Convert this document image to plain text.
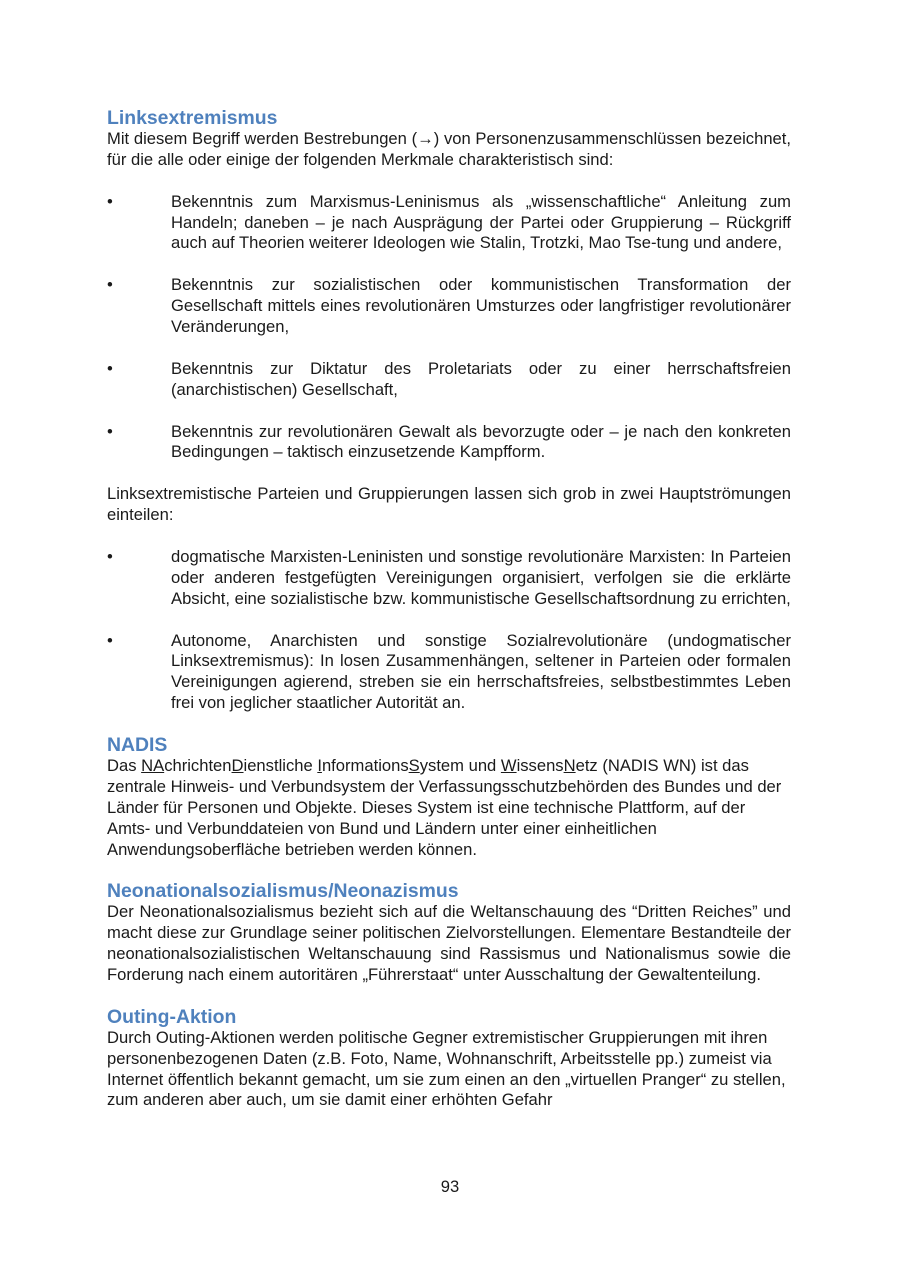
Linksextremismus

Mit diesem Begriff werden Bestrebungen (→) von Personenzusammenschlüssen bezeichnet, für die alle oder einige der folgenden Merkmale charakteristisch sind:

•	Bekenntnis zum Marxismus-Leninismus als „wissenschaftliche“ Anleitung zum Handeln; daneben – je nach Ausprägung der Partei oder Gruppierung – Rückgriff auch auf Theorien weiterer Ideologen wie Stalin, Trotzki, Mao Tse-tung und andere,
•	Bekenntnis zur sozialistischen oder kommunistischen Transformation der Gesellschaft mittels eines revolutionären Umsturzes oder langfristiger revolutionärer Veränderungen,
•	Bekenntnis zur Diktatur des Proletariats oder zu einer herrschaftsfreien (anarchistischen) Gesellschaft,
•	Bekenntnis zur revolutionären Gewalt als bevorzugte oder – je nach den konkreten Bedingungen – taktisch einzusetzende Kampfform.

Linksextremistische Parteien und Gruppierungen lassen sich grob in zwei Hauptströmungen einteilen:

•	dogmatische Marxisten-Leninisten und sonstige revolutionäre Marxisten: In Parteien oder anderen festgefügten Vereinigungen organisiert, verfolgen sie die erklärte Absicht, eine sozialistische bzw. kommunistische Gesellschaftsordnung zu errichten,
•	Autonome, Anarchisten und sonstige Sozialrevolutionäre (undogmatischer Linksextremismus): In losen Zusammenhängen, seltener in Parteien oder formalen Vereinigungen agierend, streben sie ein herrschaftsfreies, selbstbestimmtes Leben frei von jeglicher staatlicher Autorität an.
NADIS

Das NAchrichtenDienstliche InformationsSystem und WissensNetz (NADIS WN) ist das zentrale Hinweis- und Verbundsystem der Verfassungsschutzbehörden des Bundes und der Länder für Personen und Objekte. Dieses System ist eine technische Plattform, auf der Amts- und Verbunddateien von Bund und Ländern unter einer einheitlichen Anwendungsoberfläche betrieben werden können.

Neonationalsozialismus/Neonazismus

Der Neonationalsozialismus bezieht sich auf die Weltanschauung des “Dritten Reiches” und macht diese zur Grundlage seiner politischen Zielvorstellungen. Elementare Bestandteile der neonationalsozialistischen Weltanschauung sind Rassismus und Nationalismus sowie die Forderung nach einem autoritären „Führerstaat“ unter Ausschaltung der Gewaltenteilung.

Outing-Aktion

Durch Outing-Aktionen werden politische Gegner extremistischer Gruppierungen mit ihren personenbezogenen Daten (z.B. Foto, Name, Wohnanschrift, Arbeitsstelle pp.) zumeist via Internet öffentlich bekannt gemacht, um sie zum einen an den „virtuellen Pranger“ zu stellen, zum anderen aber auch, um sie damit einer erhöhten Gefahr

93
